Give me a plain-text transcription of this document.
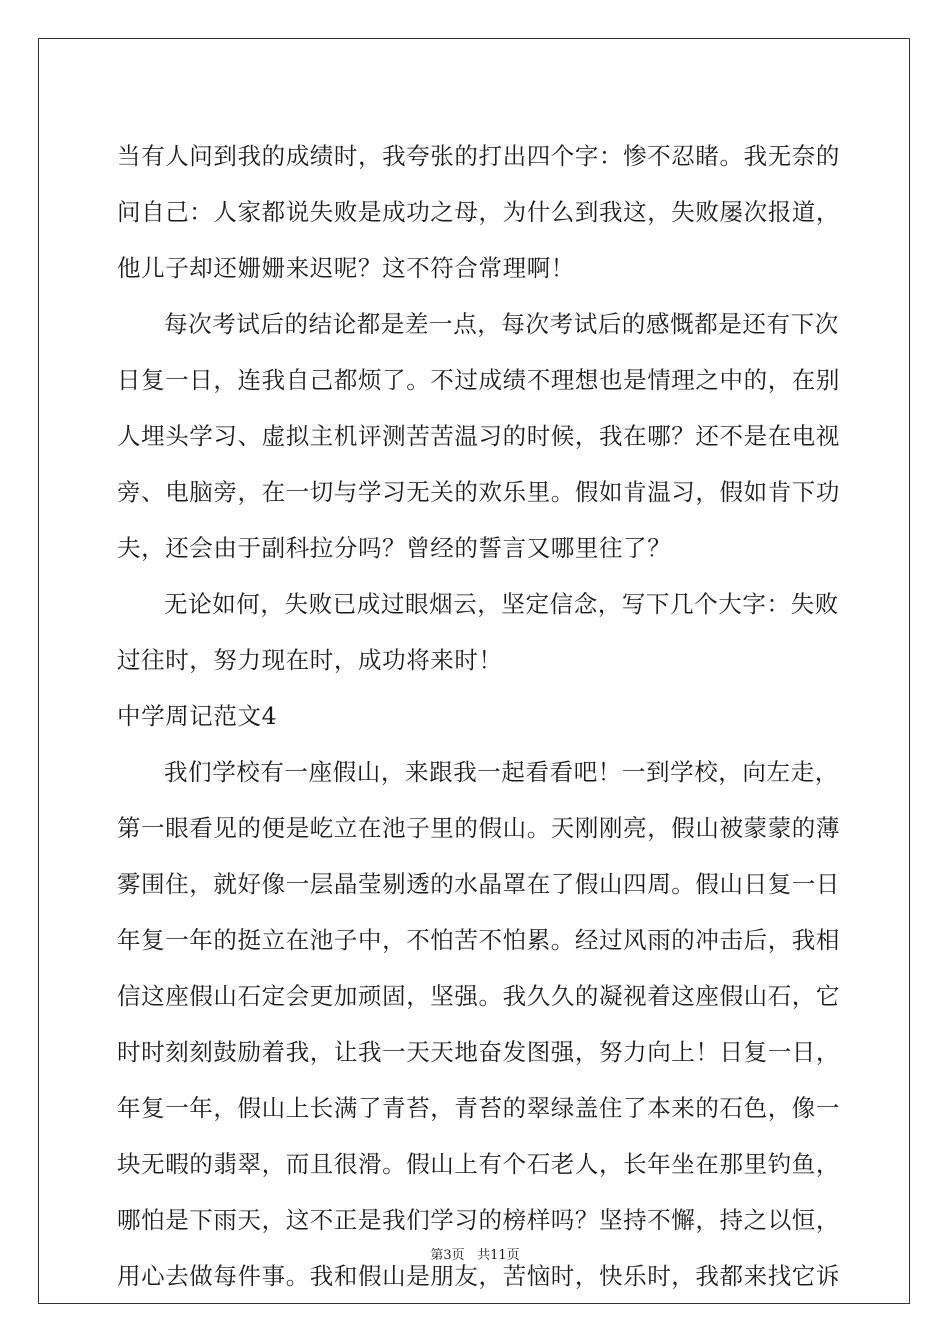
当有人问到我的成绩时，我夸张的打出四个字：惨不忍睹。我无奈的
问自己：人家都说失败是成功之母，为什么到我这，失败屡次报道，
他儿子却还姗姗来迟呢？这不符合常理啊！
每次考试后的结论都是差一点，每次考试后的感慨都是还有下次
日复一日，连我自己都烦了。不过成绩不理想也是情理之中的，在别
人埋头学习、虚拟主机评测苦苦温习的时候，我在哪？还不是在电视
旁、电脑旁，在一切与学习无关的欢乐里。假如肯温习，假如肯下功
夫，还会由于副科拉分吗？曾经的誓言又哪里往了？
无论如何，失败已成过眼烟云，坚定信念，写下几个大字：失败
过往时，努力现在时，成功将来时！
中学周记范文4
我们学校有一座假山，来跟我一起看看吧！一到学校，向左走，
第一眼看见的便是屹立在池子里的假山。天刚刚亮，假山被蒙蒙的薄
雾围住，就好像一层晶莹剔透的水晶罩在了假山四周。假山日复一日
年复一年的挺立在池子中，不怕苦不怕累。经过风雨的冲击后，我相
信这座假山石定会更加顽固，坚强。我久久的凝视着这座假山石，它
时时刻刻鼓励着我，让我一天天地奋发图强，努力向上！日复一日，
年复一年，假山上长满了青苔，青苔的翠绿盖住了本来的石色，像一
块无暇的翡翠，而且很滑。假山上有个石老人，长年坐在那里钓鱼，
哪怕是下雨天，这不正是我们学习的榜样吗？坚持不懈，持之以恒，
用心去做每件事。我和假山是朋友，苦恼时，快乐时，我都来找它诉
第3页 共11页
